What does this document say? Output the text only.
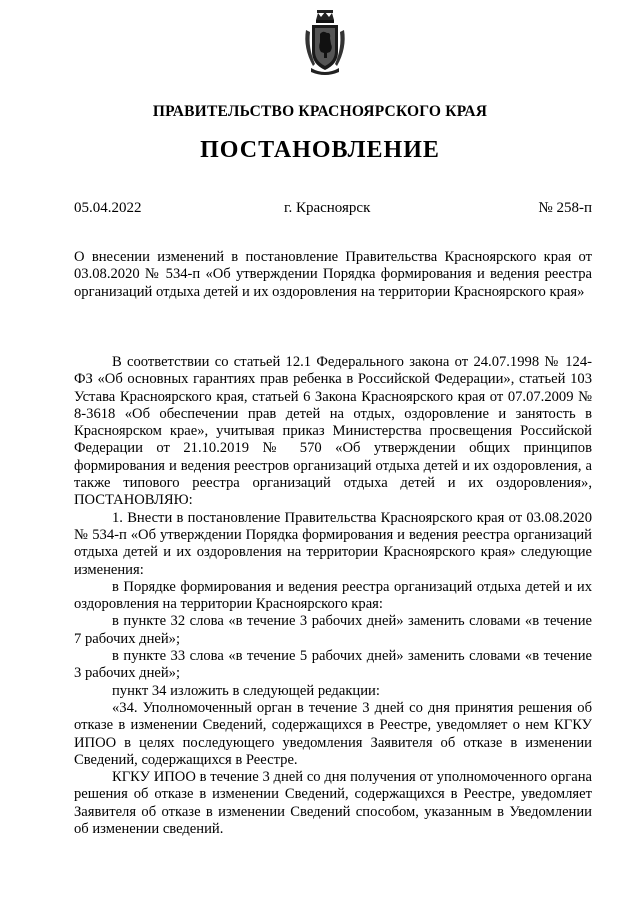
ПРАВИТЕЛЬСТВО КРАСНОЯРСКОГО КРАЯ
ПОСТАНОВЛЕНИЕ
05.04.2022	г. Красноярск	№ 258-п
О внесении изменений в постановление Правительства Красноярского края от 03.08.2020 № 534-п «Об утверждении Порядка формирования и ведения реестра организаций отдыха детей и их оздоровления на территории Красноярского края»

В соответствии со статьей 12.1 Федерального закона от 24.07.1998 № 124-ФЗ «Об основных гарантиях прав ребенка в Российской Федерации», статьей 103 Устава Красноярского края, статьей 6 Закона Красноярского края от 07.07.2009 № 8-3618 «Об обеспечении прав детей на отдых, оздоровление и занятость в Красноярском крае», учитывая приказ Министерства просвещения Российской Федерации от 21.10.2019 № 570 «Об утверждении общих принципов формирования и ведения реестров организаций отдыха детей и их оздоровления, а также типового реестра организаций отдыха детей и их оздоровления», ПОСТАНОВЛЯЮ:

1. Внести в постановление Правительства Красноярского края от 03.08.2020 № 534-п «Об утверждении Порядка формирования и ведения реестра организаций отдыха детей и их оздоровления на территории Красноярского края» следующие изменения:

в Порядке формирования и ведения реестра организаций отдыха детей и их оздоровления на территории Красноярского края:

в пункте 32 слова «в течение 3 рабочих дней» заменить словами «в течение 7 рабочих дней»;

в пункте 33 слова «в течение 5 рабочих дней» заменить словами «в течение 3 рабочих дней»;

пункт 34 изложить в следующей редакции:

«34. Уполномоченный орган в течение 3 дней со дня принятия решения об отказе в изменении Сведений, содержащихся в Реестре, уведомляет о нем КГКУ ИПОО в целях последующего уведомления Заявителя об отказе в изменении Сведений, содержащихся в Реестре.

КГКУ ИПОО в течение 3 дней со дня получения от уполномоченного органа решения об отказе в изменении Сведений, содержащихся в Реестре, уведомляет Заявителя об отказе в изменении Сведений способом, указанным в Уведомлении об изменении сведений.
